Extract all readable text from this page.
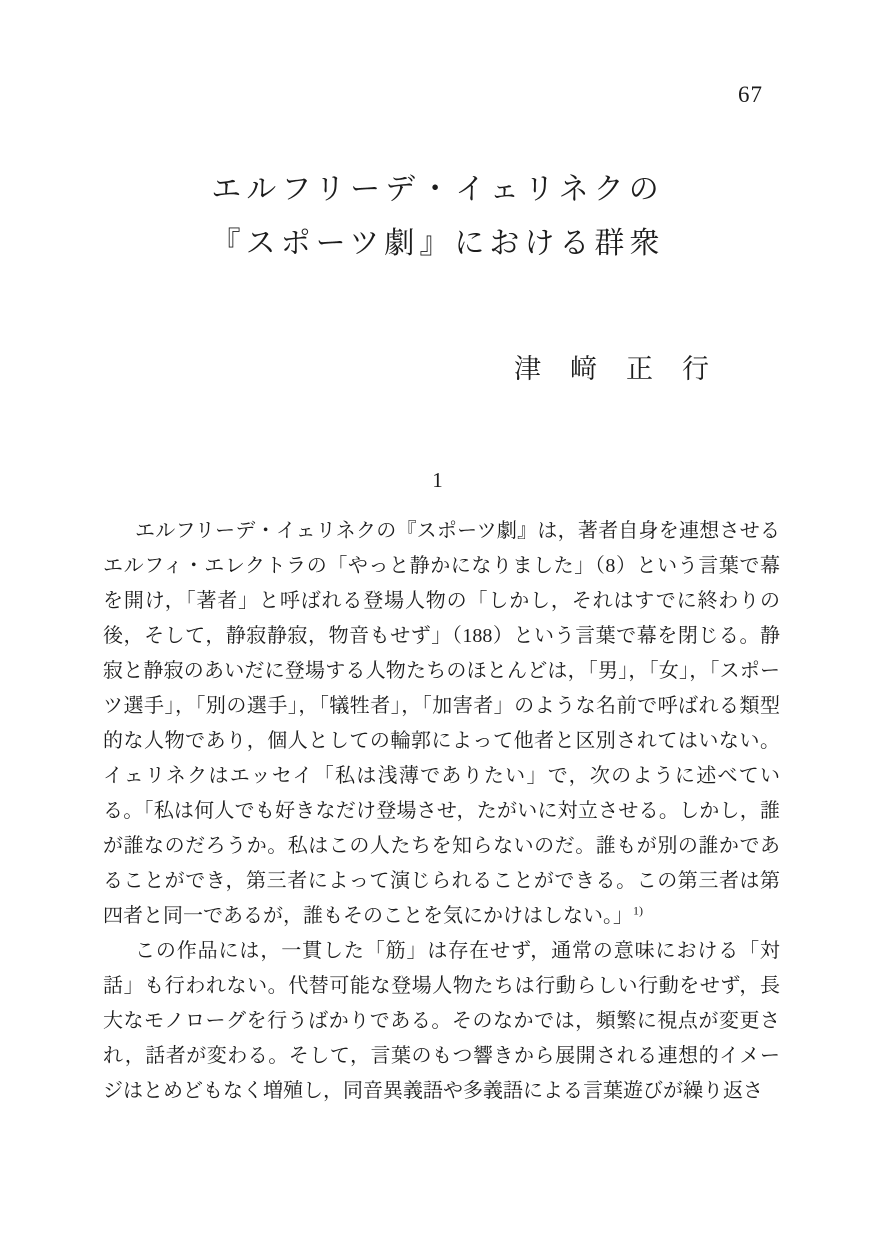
67
エルフリーデ・イェリネクの
『スポーツ劇』における群衆
津　﨑　正　行
1

エルフリーデ・イェリネクの『スポーツ劇』は，著者自身を連想させるエルフィ・エレクトラの「やっと静かになりました」（8）という言葉で幕を開け，「著者」と呼ばれる登場人物の「しかし，それはすでに終わりの後，そして，静寂静寂，物音もせず」（188）という言葉で幕を閉じる。静寂と静寂のあいだに登場する人物たちのほとんどは，「男」，「女」，「スポーツ選手」，「別の選手」，「犠牲者」，「加害者」のような名前で呼ばれる類型的な人物であり，個人としての輪郭によって他者と区別されてはいない。イェリネクはエッセイ「私は浅薄でありたい」で，次のように述べている。「私は何人でも好きなだけ登場させ，たがいに対立させる。しかし，誰が誰なのだろうか。私はこの人たちを知らないのだ。誰もが別の誰かであることができ，第三者によって演じられることができる。この第三者は第四者と同一であるが，誰もそのことを気にかけはしない。」$^{1)}$

この作品には，一貫した「筋」は存在せず，通常の意味における「対話」も行われない。代替可能な登場人物たちは行動らしい行動をせず，長大なモノローグを行うばかりである。そのなかでは，頻繁に視点が変更され，話者が変わる。そして，言葉のもつ響きから展開される連想的イメージはとめどもなく増殖し，同音異義語や多義語による言葉遊びが繰り返さ
